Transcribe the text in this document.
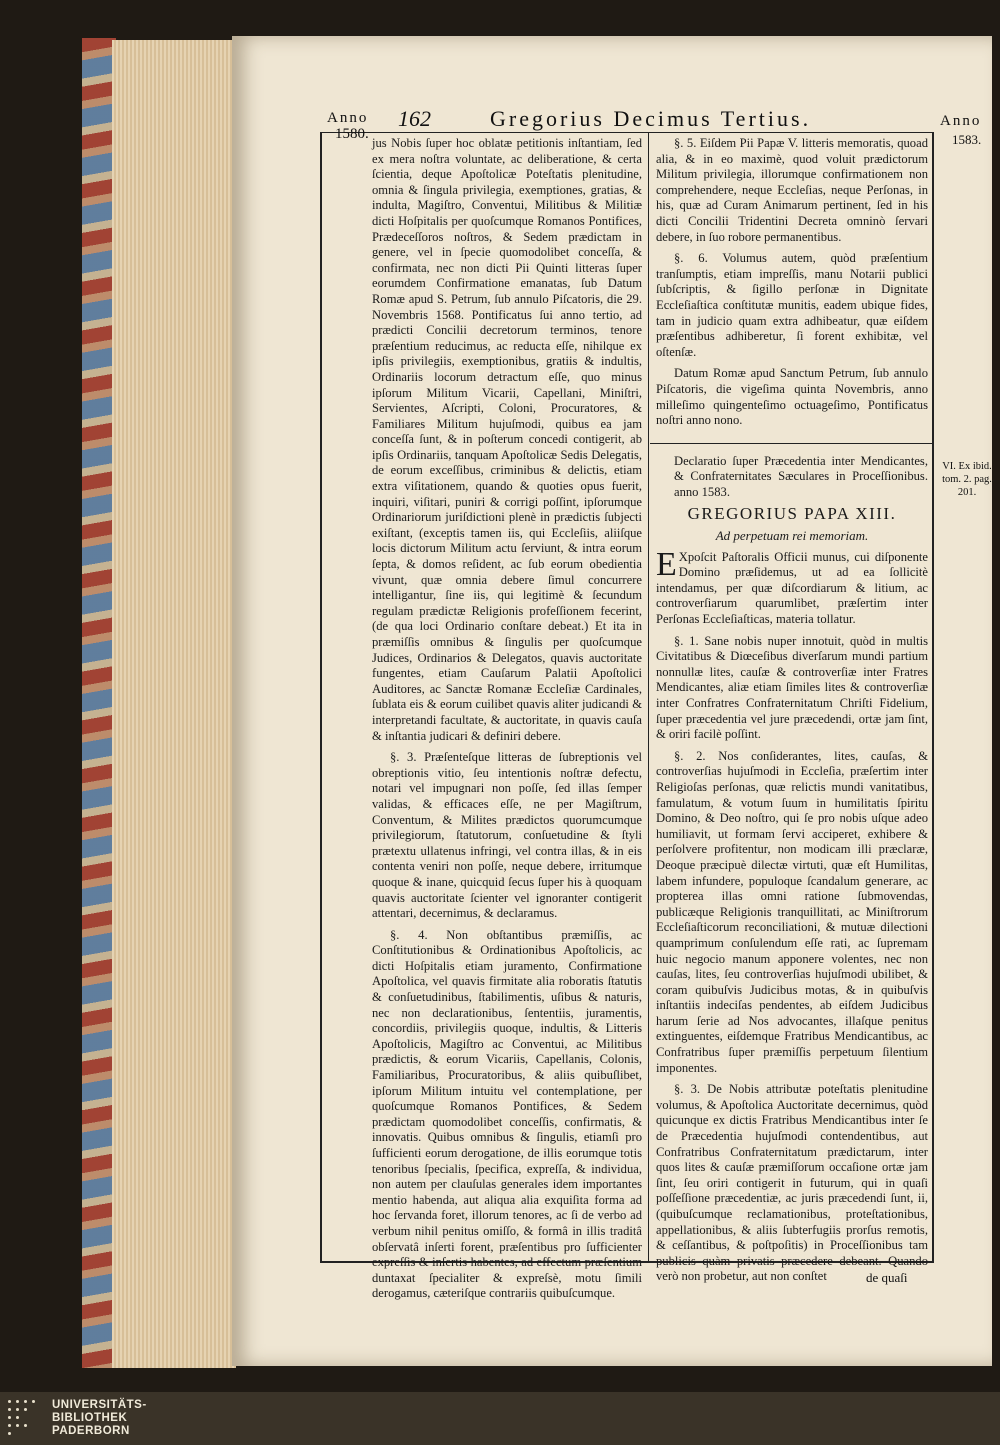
Anno
1580.
162	Gregorius Decimus Tertius.	Anno
1583.

jus Nobis ſuper hoc oblatæ petitionis inſtantiam, ſed ex mera noſtra voluntate, ac deliberatione, & certa ſcientia, deque Apoſtolicæ Poteſtatis plenitudine, omnia & ſingula privilegia, exemptiones, gratias, & indulta, Magiſtro, Conventui, Militibus & Militiæ dicti Hoſpitalis per quoſcumque Romanos Pontifices, Prædeceſſoros noſtros, & Sedem prædictam in genere, vel in ſpecie quomodolibet conceſſa, & confirmata, nec non dicti Pii Quinti litteras ſuper eorumdem Confirmatione emanatas, ſub Datum Romæ apud S. Petrum, ſub annulo Piſcatoris, die 29. Novembris 1568. Pontificatus ſui anno tertio, ad prædicti Concilii decretorum terminos, tenore præſentium reducimus, ac reducta eſſe, nihilque ex ipſis privilegiis, exemptionibus, gratiis & indultis, Ordinariis locorum detractum eſſe, quo minus ipſorum Militum Vicarii, Capellani, Miniſtri, Servientes, Aſcripti, Coloni, Procuratores, & Familiares Militum hujuſmodi, quibus ea jam conceſſa ſunt, & in poſterum concedi contigerit, ab ipſis Ordinariis, tanquam Apoſtolicæ Sedis Delegatis, de eorum exceſſibus, criminibus & delictis, etiam extra viſitationem, quando & quoties opus fuerit, inquiri, viſitari, puniri & corrigi poſſint, ipſorumque Ordinariorum juriſdictioni plenè in prædictis ſubjecti exiſtant, (exceptis tamen iis, qui Eccleſiis, aliiſque locis dictorum Militum actu ſerviunt, & intra eorum ſepta, & domos reſident, ac ſub eorum obedientia vivunt, quæ omnia debere ſimul concurrere intelligantur, ſine iis, qui legitimè & ſecundum regulam prædictæ Religionis profeſſionem fecerint, (de qua loci Ordinario conſtare debeat.) Et ita in præmiſſis omnibus & ſingulis per quoſcumque Judices, Ordinarios & Delegatos, quavis auctoritate fungentes, etiam Cauſarum Palatii Apoſtolici Auditores, ac Sanctæ Romanæ Eccleſiæ Cardinales, ſublata eis & eorum cuilibet quavis aliter judicandi & interpretandi facultate, & auctoritate, in quavis cauſa & inſtantia judicari & definiri debere.

§. 3. Præſenteſque litteras de ſubreptionis vel obreptionis vitio, ſeu intentionis noſtræ defectu, notari vel impugnari non poſſe, ſed illas ſemper validas, & efficaces eſſe, ne per Magiſtrum, Conventum, & Milites prædictos quorumcumque privilegiorum, ſtatutorum, conſuetudine & ſtyli prætextu ullatenus infringi, vel contra illas, & in eis contenta veniri non poſſe, neque debere, irritumque quoque & inane, quicquid ſecus ſuper his à quoquam quavis auctoritate ſcienter vel ignoranter contigerit attentari, decernimus, & declaramus.

§. 4. Non obſtantibus præmiſſis, ac Conſtitutionibus & Ordinationibus Apoſtolicis, ac dicti Hoſpitalis etiam juramento, Confirmatione Apoſtolica, vel quavis firmitate alia roboratis ſtatutis & conſuetudinibus, ſtabilimentis, uſibus & naturis, nec non declarationibus, ſententiis, juramentis, concordiis, privilegiis quoque, indultis, & Litteris Apoſtolicis, Magiſtro ac Conventui, ac Militibus prædictis, & eorum Vicariis, Capellanis, Colonis, Familiaribus, Procuratoribus, & aliis quibuſlibet, ipſorum Militum intuitu vel contemplatione, per quoſcumque Romanos Pontifices, & Sedem prædictam quomodolibet conceſſis, confirmatis, & innovatis. Quibus omnibus & ſingulis, etiamſi pro ſufficienti eorum derogatione, de illis eorumque totis tenoribus ſpecialis, ſpecifica, expreſſa, & individua, non autem per clauſulas generales idem importantes mentio habenda, aut aliqua alia exquiſita forma ad hoc ſervanda foret, illorum tenores, ac ſi de verbo ad verbum nihil penitus omiſſo, & formâ in illis traditâ obſervatâ inſerti forent, præſentibus pro ſufficienter expreſſis & inſertis habentes, ad effectum præſentium duntaxat ſpecialiter & expreſsè, motu ſimili derogamus, cæteriſque contrariis quibuſcumque.

§. 5. Eiſdem Pii Papæ V. litteris memoratis, quoad alia, & in eo maximè, quod voluit prædictorum Militum privilegia, illorumque confirmationem non comprehendere, neque Eccleſias, neque Perſonas, in his, quæ ad Curam Animarum pertinent, ſed in his dicti Concilii Tridentini Decreta omninò ſervari debere, in ſuo robore permanentibus.

§. 6. Volumus autem, quòd præſentium tranſumptis, etiam impreſſis, manu Notarii publici ſubſcriptis, & ſigillo perſonæ in Dignitate Eccleſiaſtica conſtitutæ munitis, eadem ubique fides, tam in judicio quam extra adhibeatur, quæ eiſdem præſentibus adhiberetur, ſi forent exhibitæ, vel oſtenſæ.

Datum Romæ apud Sanctum Petrum, ſub annulo Piſcatoris, die vigeſima quinta Novembris, anno milleſimo quingenteſimo octuageſimo, Pontificatus noſtri anno nono.

Declaratio ſuper Præcedentia inter Mendicantes, & Confraternitates Sæculares in Proceſſionibus. anno 1583.

GREGORIUS PAPA XIII.

Ad perpetuam rei memoriam.

E Xpoſcit Paſtoralis Officii munus, cui diſponente Domino præſidemus, ut ad ea ſollicitè intendamus, per quæ diſcordiarum & litium, ac controverſiarum quarumlibet, præſertim inter Perſonas Eccleſiaſticas, materia tollatur.

§. 1. Sane nobis nuper innotuit, quòd in multis Civitatibus & Diœceſibus diverſarum mundi partium nonnullæ lites, cauſæ & controverſiæ inter Fratres Mendicantes, aliæ etiam ſimiles lites & controverſiæ inter Confratres Confraternitatum Chriſti Fidelium, ſuper præcedentia vel jure præcedendi, ortæ jam ſint, & oriri facilè poſſint.

§. 2. Nos conſiderantes, lites, cauſas, & controverſias hujuſmodi in Eccleſia, præſertim inter Religioſas perſonas, quæ relictis mundi vanitatibus, famulatum, & votum ſuum in humilitatis ſpiritu Domino, & Deo noſtro, qui ſe pro nobis uſque adeo humiliavit, ut formam ſervi acciperet, exhibere & perſolvere profitentur, non modicam illi præclaræ, Deoque præcipuè dilectæ virtuti, quæ eſt Humilitas, labem infundere, populoque ſcandalum generare, ac propterea illas omni ratione ſubmovendas, publicæque Religionis tranquillitati, ac Miniſtrorum Eccleſiaſticorum reconciliationi, & mutuæ dilectioni quamprimum conſulendum eſſe rati, ac ſupremam huic negocio manum apponere volentes, nec non cauſas, lites, ſeu controverſias hujuſmodi ubilibet, & coram quibuſvis Judicibus motas, & in quibuſvis inſtantiis indeciſas pendentes, ab eiſdem Judicibus harum ſerie ad Nos advocantes, illaſque penitus extinguentes, eiſdemque Fratribus Mendicantibus, ac Confratribus ſuper præmiſſis perpetuum ſilentium imponentes.

§. 3. De Nobis attributæ poteſtatis plenitudine volumus, & Apoſtolica Auctoritate decernimus, quòd quicunque ex dictis Fratribus Mendicantibus inter ſe de Præcedentia hujuſmodi contendentibus, aut Confratribus Confraternitatum prædictarum, inter quos lites & cauſæ præmiſſorum occaſione ortæ jam ſint, ſeu oriri contigerit in futurum, qui in quaſi poſſeſſione præcedentiæ, ac juris præcedendi ſunt, ii, (quibuſcumque reclamationibus, proteſtationibus, appellationibus, & aliis ſubterfugiis prorſus remotis, & ceſſantibus, & poſtpoſitis) in Proceſſionibus tam publicis quàm privatis præcedere debeant. Quando verò non probetur, aut non conſtet

VI. Ex ibid. tom. 2. pag. 201.
de quaſi
UNIVERSITÄTS-
BIBLIOTHEK
PADERBORN
